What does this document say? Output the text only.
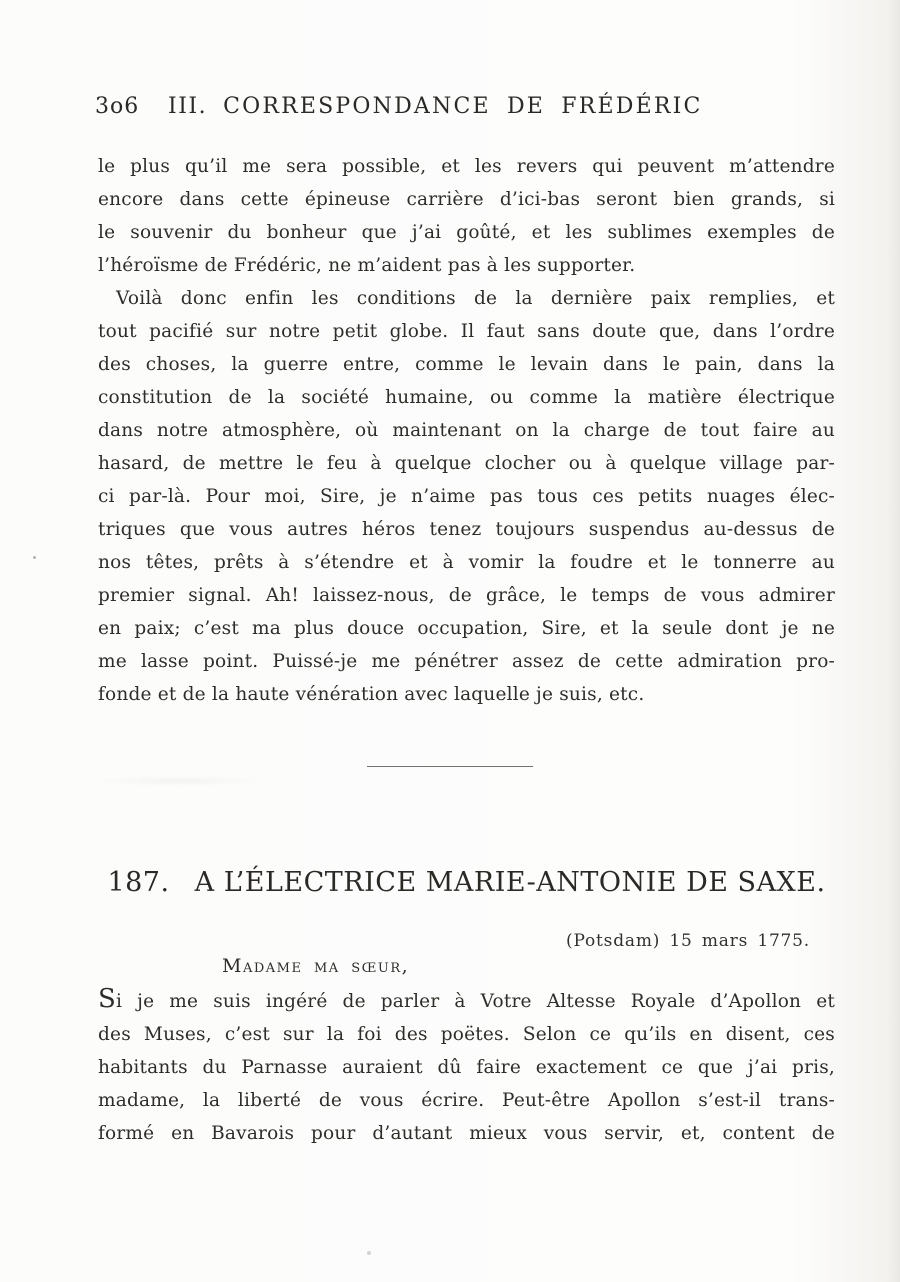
3o6	III. CORRESPONDANCE DE FRÉDÉRIC
le plus qu’il me sera possible, et les revers qui peuvent m’attendre
encore dans cette épineuse carrière d’ici-bas seront bien grands, si
le souvenir du bonheur que j’ai goûté, et les sublimes exemples de
l’héroïsme de Frédéric, ne m’aident pas à les supporter.
Voilà donc enfin les conditions de la dernière paix remplies, et
tout pacifié sur notre petit globe. Il faut sans doute que, dans l’ordre
des choses, la guerre entre, comme le levain dans le pain, dans la
constitution de la société humaine, ou comme la matière électrique
dans notre atmosphère, où maintenant on la charge de tout faire au
hasard, de mettre le feu à quelque clocher ou à quelque village par-
ci par-là. Pour moi, Sire, je n’aime pas tous ces petits nuages élec-
triques que vous autres héros tenez toujours suspendus au-dessus de
nos têtes, prêts à s’étendre et à vomir la foudre et le tonnerre au
premier signal. Ah! laissez-nous, de grâce, le temps de vous admirer
en paix; c’est ma plus douce occupation, Sire, et la seule dont je ne
me lasse point. Puissé-je me pénétrer assez de cette admiration pro-
fonde et de la haute vénération avec laquelle je suis, etc.
187. A L’ÉLECTRICE MARIE-ANTONIE DE SAXE.
(Potsdam) 15 mars 1775.
Madame ma sœur,
Si je me suis ingéré de parler à Votre Altesse Royale d’Apollon et
des Muses, c’est sur la foi des poëtes. Selon ce qu’ils en disent, ces
habitants du Parnasse auraient dû faire exactement ce que j’ai pris,
madame, la liberté de vous écrire. Peut-être Apollon s’est-il trans-
formé en Bavarois pour d’autant mieux vous servir, et, content de
